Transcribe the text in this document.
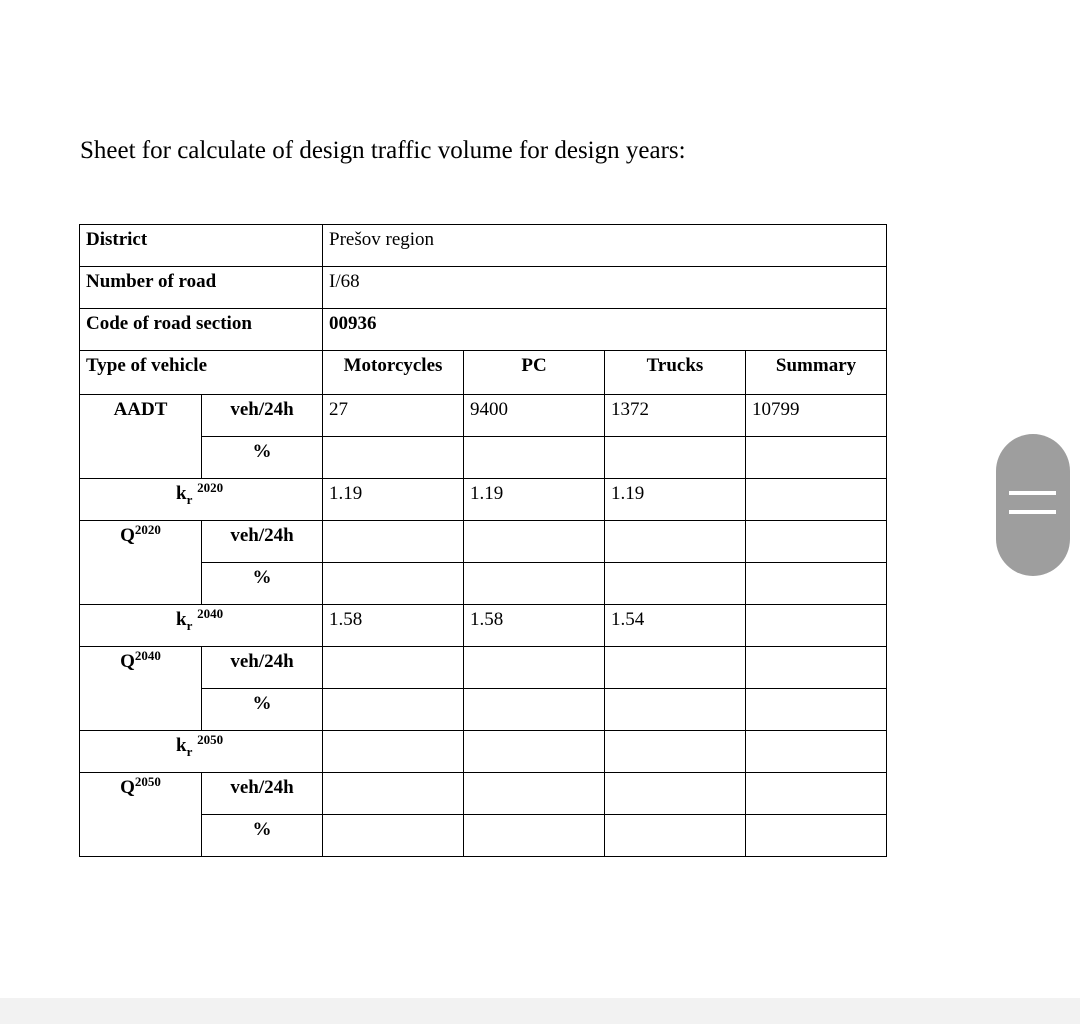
Sheet for calculate of design traffic volume for design years:
District		Prešov region			
Number of road		I/68			
Code of road section		00936			
Type of vehicle		Motorcycles	PC	Trucks	Summary
AADT	veh/24h	27	9400	1372	10799
	%				
$k_r$ $^{2020}$		1.19	1.19	1.19	
$Q^{2020}$	veh/24h				
	%				
$k_r$ $^{2040}$		1.58	1.58	1.54	
$Q^{2040}$	veh/24h				
	%				
$k_r$ $^{2050}$				
$Q^{2050}$	veh/24h				
	%				
